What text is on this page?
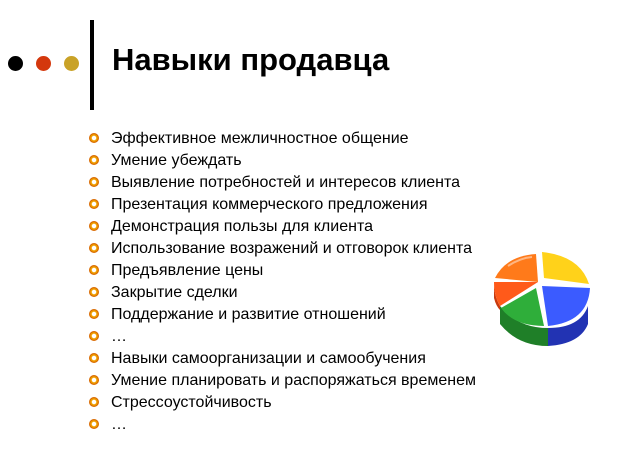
Навыки продавца
Эффективное межличностное общение
Умение убеждать
Выявление потребностей и интересов клиента
Презентация коммерческого предложения
Демонстрация пользы для клиента
Использование возражений и отговорок клиента
Предъявление цены
Закрытие сделки
Поддержание и развитие отношений
…
Навыки самоорганизации и самообучения
Умение планировать и распоряжаться временем
Стрессоустойчивость
…
